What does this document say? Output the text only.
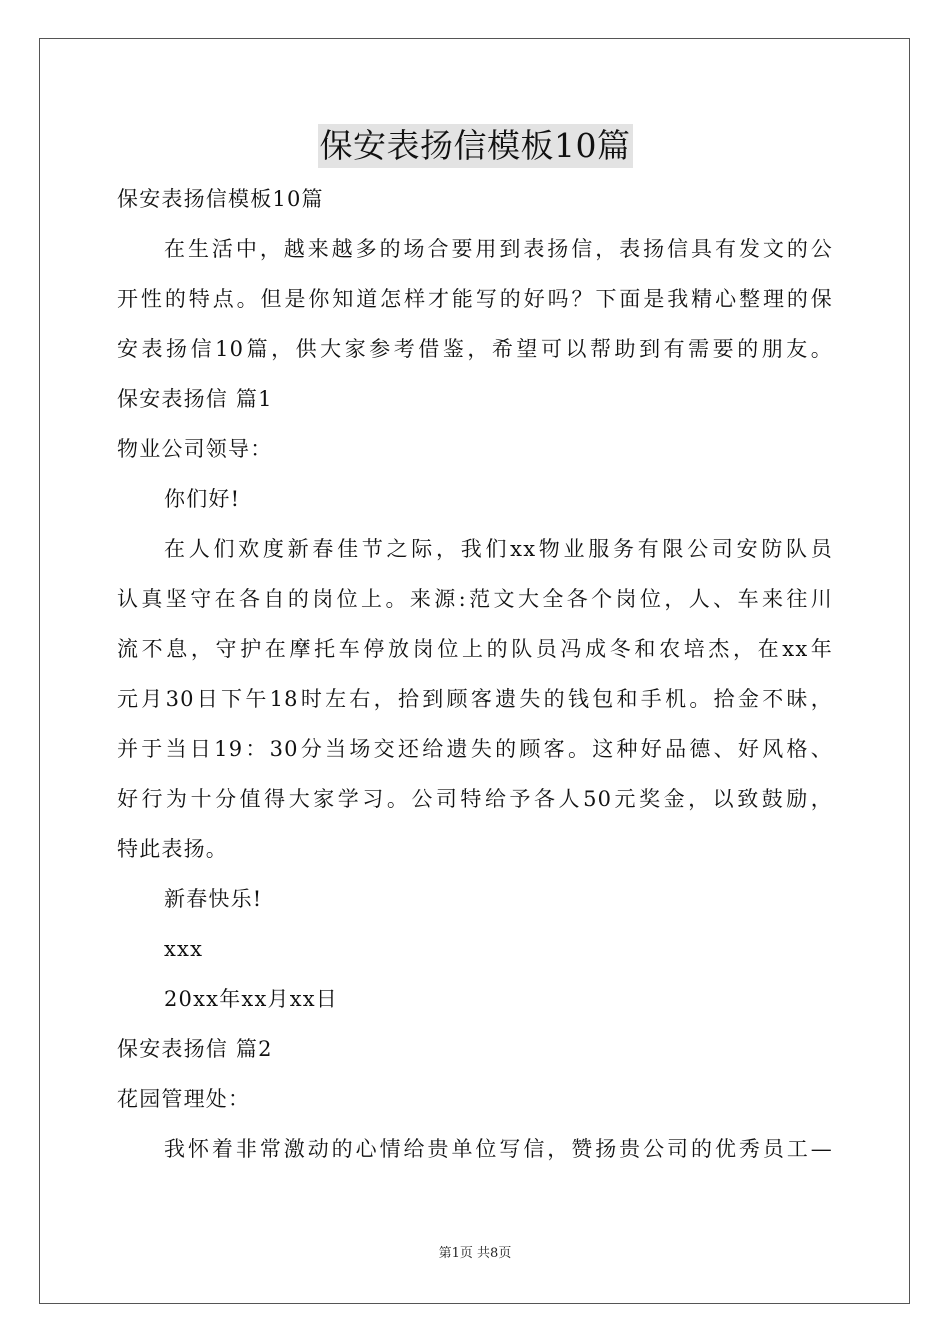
保安表扬信模板10篇
保安表扬信模板10篇
在生活中，越来越多的场合要用到表扬信，表扬信具有发文的公
开性的特点。但是你知道怎样才能写的好吗？下面是我精心整理的保
安表扬信10篇，供大家参考借鉴，希望可以帮助到有需要的朋友。
保安表扬信 篇1
物业公司领导：
你们好!
在人们欢度新春佳节之际，我们xx物业服务有限公司安防队员
认真坚守在各自的岗位上。来源:范文大全各个岗位，人、车来往川
流不息，守护在摩托车停放岗位上的队员冯成冬和农培杰，在xx年
元月30日下午18时左右，拾到顾客遗失的钱包和手机。拾金不昧，
并于当日19：30分当场交还给遗失的顾客。这种好品德、好风格、
好行为十分值得大家学习。公司特给予各人50元奖金，以致鼓励，
特此表扬。
新春快乐!
xxx
20xx年xx月xx日
保安表扬信 篇2
花园管理处：
我怀着非常激动的心情给贵单位写信，赞扬贵公司的优秀员工—
第1页 共8页
